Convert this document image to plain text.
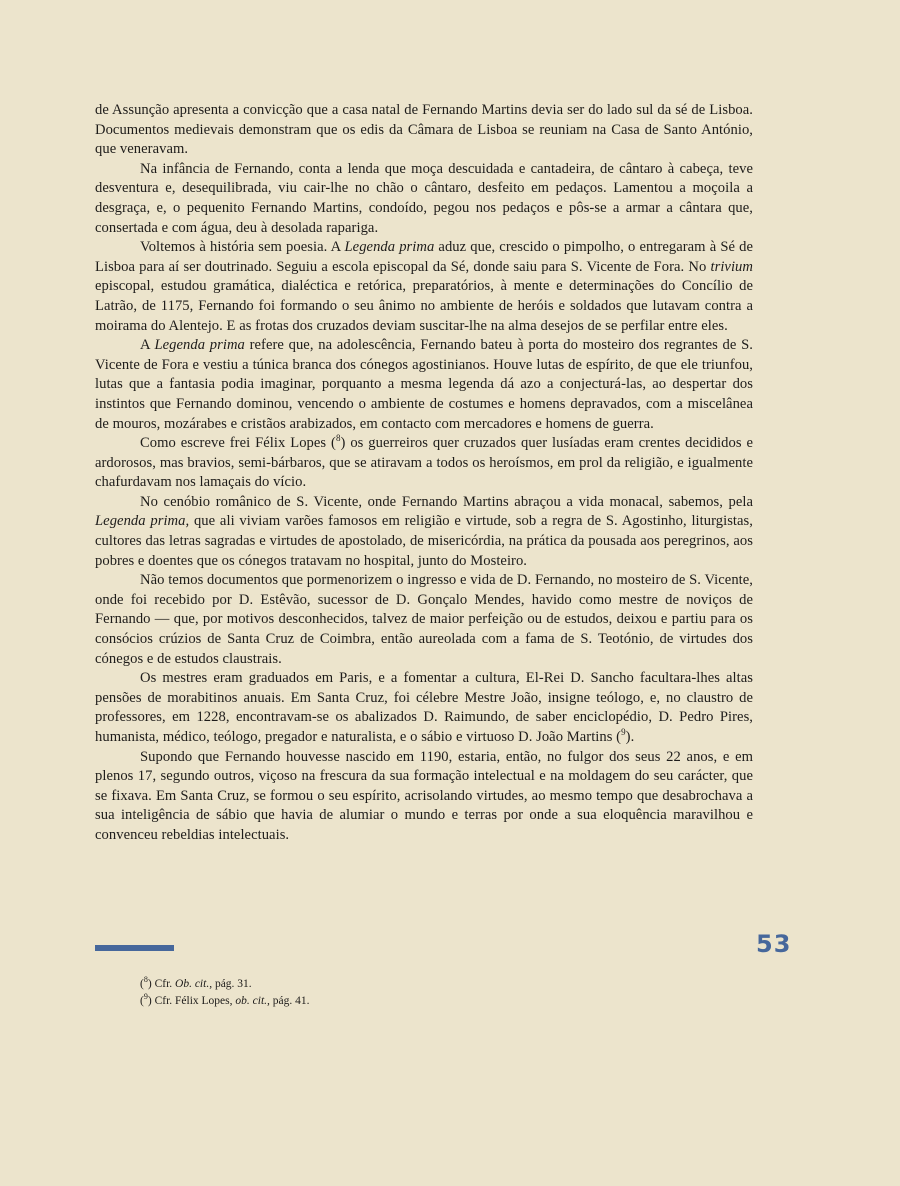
de Assunção apresenta a convicção que a casa natal de Fernando Martins devia ser do lado sul da sé de Lisboa. Documentos medievais demonstram que os edis da Câmara de Lisboa se reuniam na Casa de Santo António, que veneravam.

Na infância de Fernando, conta a lenda que moça descuidada e cantadeira, de cântaro à cabeça, teve desventura e, desequilibrada, viu cair-lhe no chão o cântaro, desfeito em pedaços. Lamentou a moçoila a desgraça, e, o pequenito Fernando Martins, condoído, pegou nos pedaços e pôs-se a armar a cântara que, consertada e com água, deu à desolada rapariga.

Voltemos à história sem poesia. A Legenda prima aduz que, crescido o pimpolho, o entregaram à Sé de Lisboa para aí ser doutrinado. Seguiu a escola episcopal da Sé, donde saiu para S. Vicente de Fora. No trivium episcopal, estudou gramática, dialéctica e retórica, preparatórios, à mente e determinações do Concílio de Latrão, de 1175, Fernando foi formando o seu ânimo no ambiente de heróis e soldados que lutavam contra a moirama do Alentejo. E as frotas dos cruzados deviam suscitar-lhe na alma desejos de se perfilar entre eles.

A Legenda prima refere que, na adolescência, Fernando bateu à porta do mosteiro dos regrantes de S. Vicente de Fora e vestiu a túnica branca dos cónegos agostinianos. Houve lutas de espírito, de que ele triunfou, lutas que a fantasia podia imaginar, porquanto a mesma legenda dá azo a conjecturá-las, ao despertar dos instintos que Fernando dominou, vencendo o ambiente de costumes e homens depravados, com a miscelânea de mouros, mozárabes e cristãos arabizados, em contacto com mercadores e homens de guerra.

Como escreve frei Félix Lopes ($^8$) os guerreiros quer cruzados quer lusíadas eram crentes decididos e ardorosos, mas bravios, semi-bárbaros, que se atiravam a todos os heroísmos, em prol da religião, e igualmente chafurdavam nos lamaçais do vício.

No cenóbio românico de S. Vicente, onde Fernando Martins abraçou a vida monacal, sabemos, pela Legenda prima, que ali viviam varões famosos em religião e virtude, sob a regra de S. Agostinho, liturgistas, cultores das letras sagradas e virtudes de apostolado, de misericórdia, na prática da pousada aos peregrinos, aos pobres e doentes que os cónegos tratavam no hospital, junto do Mosteiro.

Não temos documentos que pormenorizem o ingresso e vida de D. Fernando, no mosteiro de S. Vicente, onde foi recebido por D. Estêvão, sucessor de D. Gonçalo Mendes, havido como mestre de noviços de Fernando — que, por motivos desconhecidos, talvez de maior perfeição ou de estudos, deixou e partiu para os consócios crúzios de Santa Cruz de Coimbra, então aureolada com a fama de S. Teotónio, de virtudes dos cónegos e de estudos claustrais.

Os mestres eram graduados em Paris, e a fomentar a cultura, El-Rei D. Sancho facultara-lhes altas pensões de morabitinos anuais. Em Santa Cruz, foi célebre Mestre João, insigne teólogo, e, no claustro de professores, em 1228, encontravam-se os abalizados D. Raimundo, de saber enciclopédio, D. Pedro Pires, humanista, médico, teólogo, pregador e naturalista, e o sábio e virtuoso D. João Martins ($^9$).

Supondo que Fernando houvesse nascido em 1190, estaria, então, no fulgor dos seus 22 anos, e em plenos 17, segundo outros, viçoso na frescura da sua formação intelectual e na moldagem do seu carácter, que se fixava. Em Santa Cruz, se formou o seu espírito, acrisolando virtudes, ao mesmo tempo que desabrochava a sua inteligência de sábio que havia de alumiar o mundo e terras por onde a sua eloquência maravilhou e convenceu rebeldias intelectuais.

53
($^8$) Cfr. Ob. cit., pág. 31.
($^9$) Cfr. Félix Lopes, ob. cit., pág. 41.
